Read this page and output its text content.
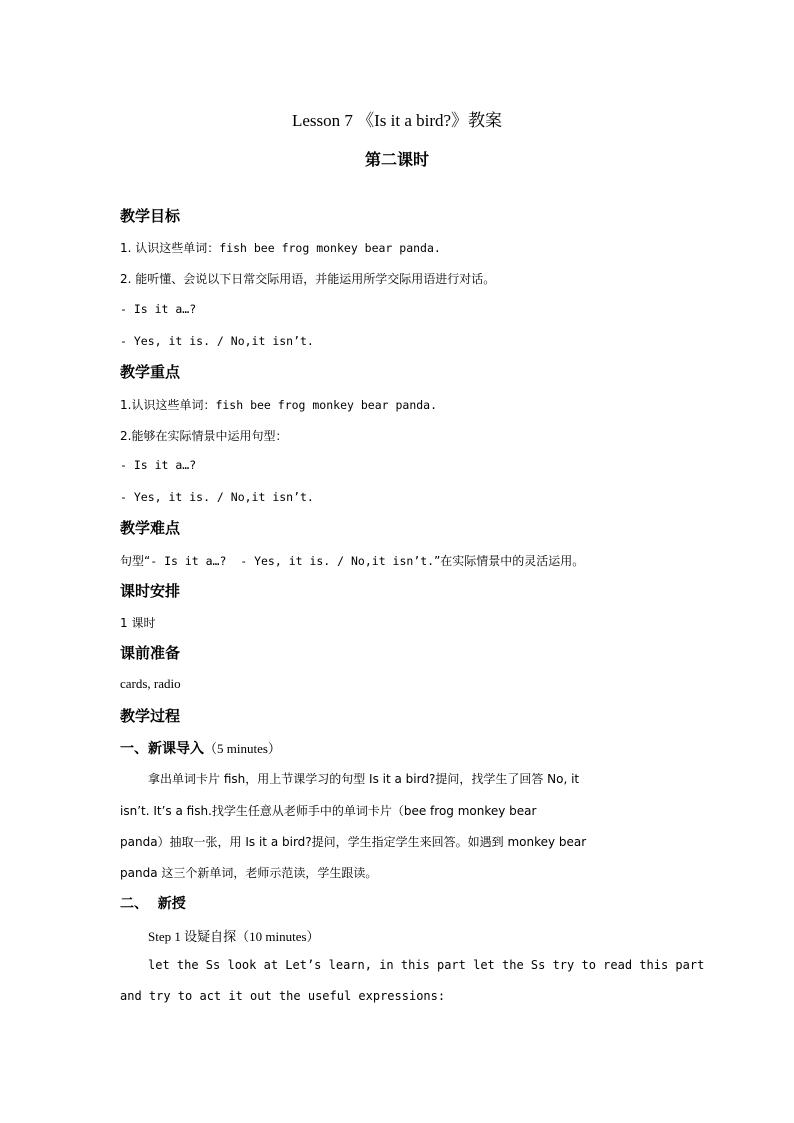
Lesson 7 《Is it a bird?》教案
第二课时
教学目标
1. 认识这些单词：fish bee frog monkey bear panda.
2. 能听懂、会说以下日常交际用语，并能运用所学交际用语进行对话。
- Is it a…?
- Yes, it is. / No,it isn’t.
教学重点
1.认识这些单词：fish bee frog monkey bear panda.
2.能够在实际情景中运用句型：
- Is it a…?
- Yes, it is. / No,it isn’t.
教学难点
句型“- Is it a…?  - Yes, it is. / No,it isn’t.”在实际情景中的灵活运用。
课时安排
1 课时
课前准备
cards, radio
教学过程
一、新课导入（5 minutes）
拿出单词卡片 fish，用上节课学习的句型 Is it a bird?提问，找学生了回答 No, it
isn’t. It’s a fish.找学生任意从老师手中的单词卡片（bee frog monkey bear
panda）抽取一张，用 Is it a bird?提问，学生指定学生来回答。如遇到 monkey bear
panda 这三个新单词，老师示范读，学生跟读。
二、  新授
Step 1 设疑自探（10 minutes）
let the Ss look at Let’s learn, in this part let the Ss try to read this part
and try to act it out the useful expressions:
